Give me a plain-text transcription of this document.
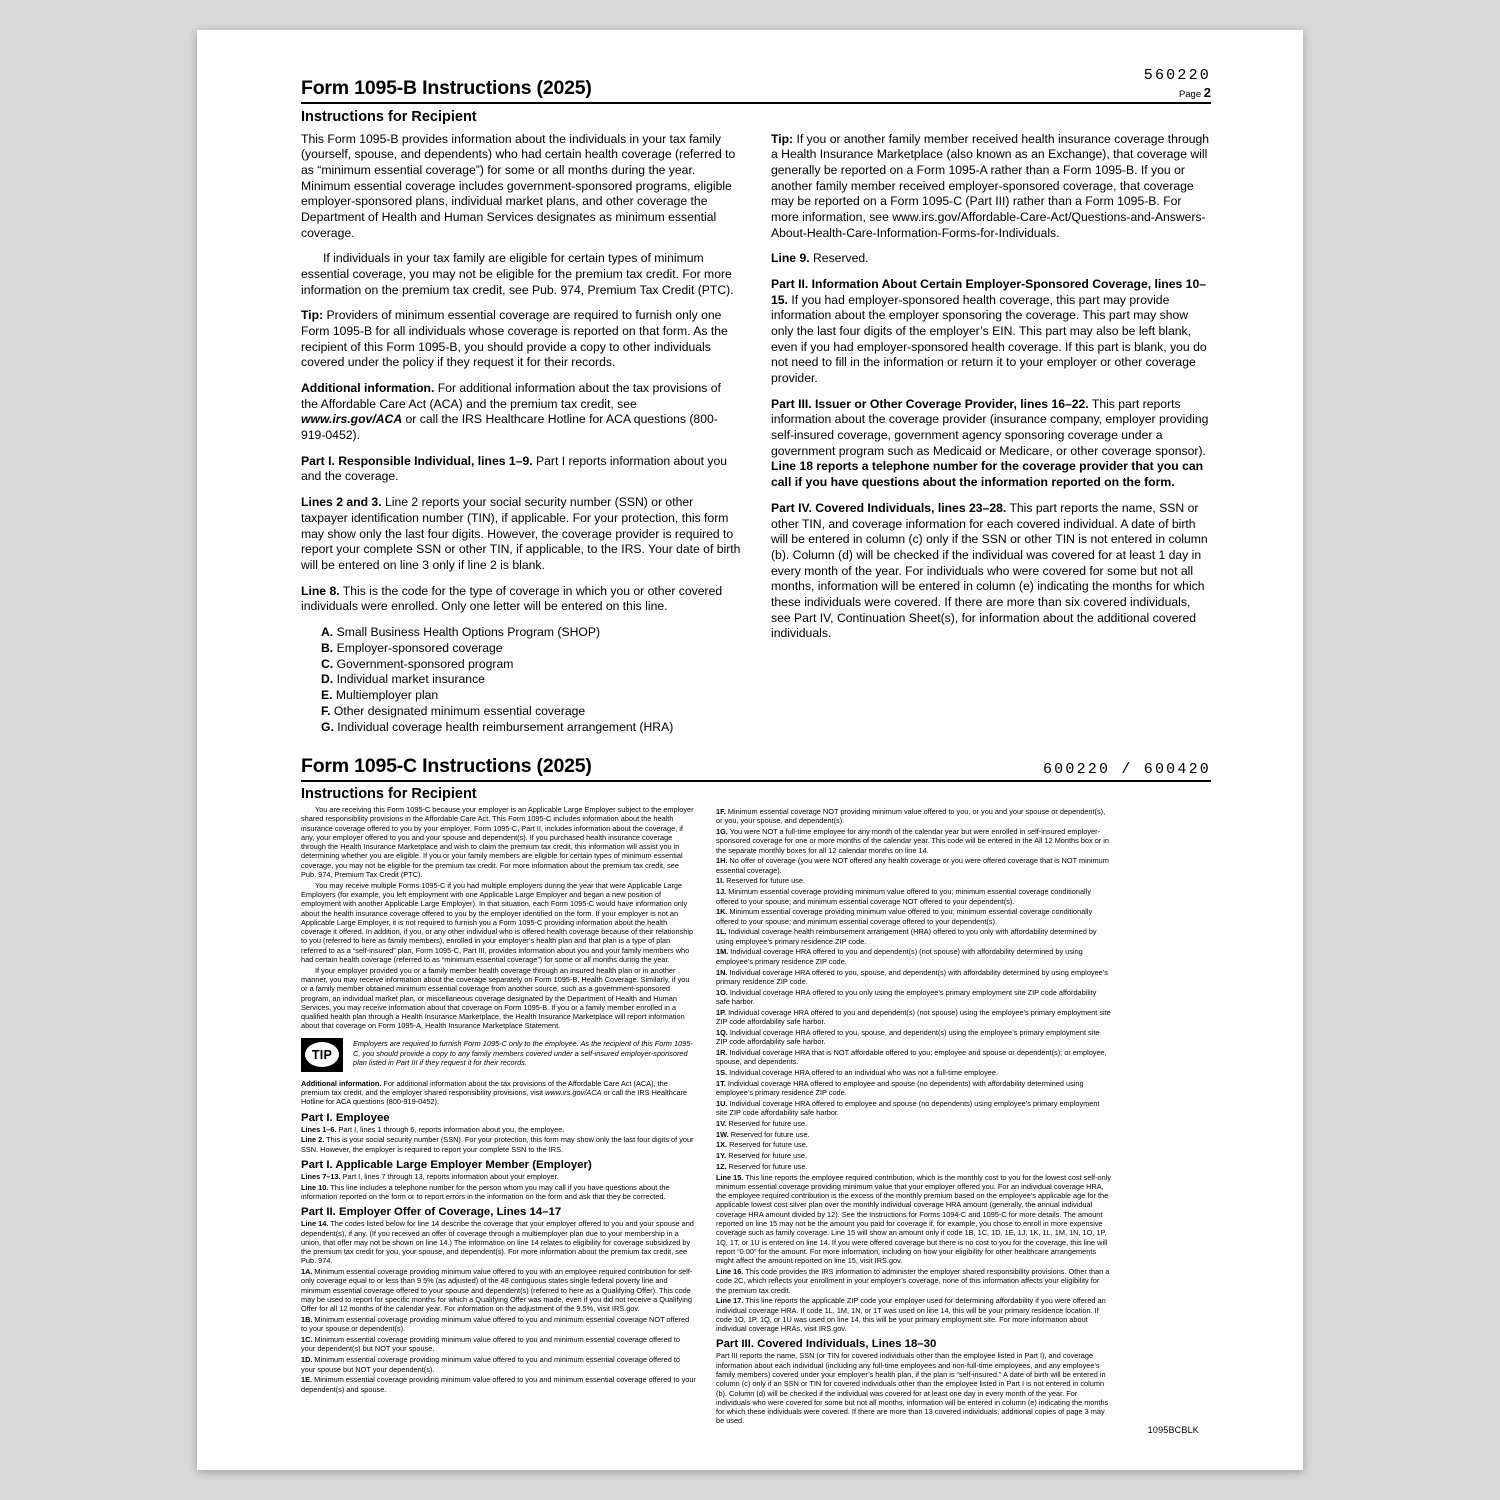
Form 1095-B Instructions (2025)
560220
Page 2
Instructions for Recipient

This Form 1095-B provides information about the individuals in your tax family (yourself, spouse, and dependents) who had certain health coverage (referred to as “minimum essential coverage”) for some or all months during the year. Minimum essential coverage includes government-sponsored programs, eligible employer-sponsored plans, individual market plans, and other coverage the Department of Health and Human Services designates as minimum essential coverage.

If individuals in your tax family are eligible for certain types of minimum essential coverage, you may not be eligible for the premium tax credit. For more information on the premium tax credit, see Pub. 974, Premium Tax Credit (PTC).

Tip: Providers of minimum essential coverage are required to furnish only one Form 1095-B for all individuals whose coverage is reported on that form. As the recipient of this Form 1095-B, you should provide a copy to other individuals covered under the policy if they request it for their records.

Additional information. For additional information about the tax provisions of the Affordable Care Act (ACA) and the premium tax credit, see www.irs.gov/ACA or call the IRS Healthcare Hotline for ACA questions (800-919-0452).

Part I. Responsible Individual, lines 1–9. Part I reports information about you and the coverage.

Lines 2 and 3. Line 2 reports your social security number (SSN) or other taxpayer identification number (TIN), if applicable. For your protection, this form may show only the last four digits. However, the coverage provider is required to report your complete SSN or other TIN, if applicable, to the IRS. Your date of birth will be entered on line 3 only if line 2 is blank.

Line 8. This is the code for the type of coverage in which you or other covered individuals were enrolled. Only one letter will be entered on this line.

A. Small Business Health Options Program (SHOP)
B. Employer-sponsored coverage
C. Government-sponsored program
D. Individual market insurance
E. Multiemployer plan
F. Other designated minimum essential coverage
G. Individual coverage health reimbursement arrangement (HRA)

Tip: If you or another family member received health insurance coverage through a Health Insurance Marketplace (also known as an Exchange), that coverage will generally be reported on a Form 1095-A rather than a Form 1095-B. If you or another family member received employer-sponsored coverage, that coverage may be reported on a Form 1095-C (Part III) rather than a Form 1095-B. For more information, see www.irs.gov/Affordable-Care-Act/Questions-and-Answers-About-Health-Care-Information-Forms-for-Individuals.

Line 9. Reserved.

Part II. Information About Certain Employer-Sponsored Coverage, lines 10–15. If you had employer-sponsored health coverage, this part may provide information about the employer sponsoring the coverage. This part may show only the last four digits of the employer’s EIN. This part may also be left blank, even if you had employer-sponsored health coverage. If this part is blank, you do not need to fill in the information or return it to your employer or other coverage provider.

Part III. Issuer or Other Coverage Provider, lines 16–22. This part reports information about the coverage provider (insurance company, employer providing self-insured coverage, government agency sponsoring coverage under a government program such as Medicaid or Medicare, or other coverage sponsor). Line 18 reports a telephone number for the coverage provider that you can call if you have questions about the information reported on the form.

Part IV. Covered Individuals, lines 23–28. This part reports the name, SSN or other TIN, and coverage information for each covered individual. A date of birth will be entered in column (c) only if the SSN or other TIN is not entered in column (b). Column (d) will be checked if the individual was covered for at least 1 day in every month of the year. For individuals who were covered for some but not all months, information will be entered in column (e) indicating the months for which these individuals were covered. If there are more than six covered individuals, see Part IV, Continuation Sheet(s), for information about the additional covered individuals.

Form 1095-C Instructions (2025)	600220 / 600420
Instructions for Recipient

You are receiving this Form 1095-C because your employer is an Applicable Large Employer subject to the employer shared responsibility provisions in the Affordable Care Act. This Form 1095-C includes information about the health insurance coverage offered to you by your employer. Form 1095-C, Part II, includes information about the coverage, if any, your employer offered to you and your spouse and dependent(s). If you purchased health insurance coverage through the Health Insurance Marketplace and wish to claim the premium tax credit, this information will assist you in determining whether you are eligible. If you or your family members are eligible for certain types of minimum essential coverage, you may not be eligible for the premium tax credit. For more information about the premium tax credit, see Pub. 974, Premium Tax Credit (PTC).

You may receive multiple Forms 1095-C if you had multiple employers during the year that were Applicable Large Employers (for example, you left employment with one Applicable Large Employer and began a new position of employment with another Applicable Large Employer). In that situation, each Form 1095-C would have information only about the health insurance coverage offered to you by the employer identified on the form. If your employer is not an Applicable Large Employer, it is not required to furnish you a Form 1095-C providing information about the health coverage it offered. In addition, if you, or any other individual who is offered health coverage because of their relationship to you (referred to here as family members), enrolled in your employer’s health plan and that plan is a type of plan referred to as a “self-insured” plan, Form 1095-C, Part III, provides information about you and your family members who had certain health coverage (referred to as “minimum essential coverage”) for some or all months during the year.

If your employer provided you or a family member health coverage through an insured health plan or in another manner, you may receive information about the coverage separately on Form 1095-B, Health Coverage. Similarly, if you or a family member obtained minimum essential coverage from another source, such as a government-sponsored program, an individual market plan, or miscellaneous coverage designated by the Department of Health and Human Services, you may receive information about that coverage on Form 1095-B. If you or a family member enrolled in a qualified health plan through a Health Insurance Marketplace, the Health Insurance Marketplace will report information about that coverage on Form 1095-A, Health Insurance Marketplace Statement.

TIP
Employers are required to furnish Form 1095-C only to the employee. As the recipient of this Form 1095-C, you should provide a copy to any family members covered under a self-insured employer-sponsored plan listed in Part III if they request it for their records.

Additional information. For additional information about the tax provisions of the Affordable Care Act (ACA), the premium tax credit, and the employer shared responsibility provisions, visit www.irs.gov/ACA or call the IRS Healthcare Hotline for ACA questions (800-919-0452).

Part I. Employee

Lines 1–6. Part I, lines 1 through 6, reports information about you, the employee.

Line 2. This is your social security number (SSN). For your protection, this form may show only the last four digits of your SSN. However, the employer is required to report your complete SSN to the IRS.

Part I. Applicable Large Employer Member (Employer)

Lines 7–13. Part I, lines 7 through 13, reports information about your employer.

Line 10. This line includes a telephone number for the person whom you may call if you have questions about the information reported on the form or to report errors in the information on the form and ask that they be corrected.

Part II. Employer Offer of Coverage, Lines 14–17

Line 14. The codes listed below for line 14 describe the coverage that your employer offered to you and your spouse and dependent(s), if any. (If you received an offer of coverage through a multiemployer plan due to your membership in a union, that offer may not be shown on line 14.) The information on line 14 relates to eligibility for coverage subsidized by the premium tax credit for you, your spouse, and dependent(s). For more information about the premium tax credit, see Pub. 974.

1A. Minimum essential coverage providing minimum value offered to you with an employee required contribution for self-only coverage equal to or less than 9.5% (as adjusted) of the 48 contiguous states single federal poverty line and minimum essential coverage offered to your spouse and dependent(s) (referred to here as a Qualifying Offer). This code may be used to report for specific months for which a Qualifying Offer was made, even if you did not receive a Qualifying Offer for all 12 months of the calendar year. For information on the adjustment of the 9.5%, visit IRS.gov.

1B. Minimum essential coverage providing minimum value offered to you and minimum essential coverage NOT offered to your spouse or dependent(s).

1C. Minimum essential coverage providing minimum value offered to you and minimum essential coverage offered to your dependent(s) but NOT your spouse.

1D. Minimum essential coverage providing minimum value offered to you and minimum essential coverage offered to your spouse but NOT your dependent(s).

1E. Minimum essential coverage providing minimum value offered to you and minimum essential coverage offered to your dependent(s) and spouse.

1F. Minimum essential coverage NOT providing minimum value offered to you, or you and your spouse or dependent(s), or you, your spouse, and dependent(s).

1G. You were NOT a full-time employee for any month of the calendar year but were enrolled in self-insured employer-sponsored coverage for one or more months of the calendar year. This code will be entered in the All 12 Months box or in the separate monthly boxes for all 12 calendar months on line 14.

1H. No offer of coverage (you were NOT offered any health coverage or you were offered coverage that is NOT minimum essential coverage).

1I. Reserved for future use.

1J. Minimum essential coverage providing minimum value offered to you; minimum essential coverage conditionally offered to your spouse; and minimum essential coverage NOT offered to your dependent(s).

1K. Minimum essential coverage providing minimum value offered to you; minimum essential coverage conditionally offered to your spouse; and minimum essential coverage offered to your dependent(s).

1L. Individual coverage health reimbursement arrangement (HRA) offered to you only with affordability determined by using employee’s primary residence ZIP code.

1M. Individual coverage HRA offered to you and dependent(s) (not spouse) with affordability determined by using employee’s primary residence ZIP code.

1N. Individual coverage HRA offered to you, spouse, and dependent(s) with affordability determined by using employee’s primary residence ZIP code.

1O. Individual coverage HRA offered to you only using the employee’s primary employment site ZIP code affordability safe harbor.

1P. Individual coverage HRA offered to you and dependent(s) (not spouse) using the employee’s primary employment site ZIP code affordability safe harbor.

1Q. Individual coverage HRA offered to you, spouse, and dependent(s) using the employee’s primary employment site ZIP code affordability safe harbor.

1R. Individual coverage HRA that is NOT affordable offered to you; employee and spouse or dependent(s); or employee, spouse, and dependents.

1S. Individual coverage HRA offered to an individual who was not a full-time employee.

1T. Individual coverage HRA offered to employee and spouse (no dependents) with affordability determined using employee’s primary residence ZIP code.

1U. Individual coverage HRA offered to employee and spouse (no dependents) using employee’s primary employment site ZIP code affordability safe harbor.

1V. Reserved for future use.

1W. Reserved for future use.

1X. Reserved for future use.

1Y. Reserved for future use.

1Z. Reserved for future use.

Line 15. This line reports the employee required contribution, which is the monthly cost to you for the lowest cost self-only minimum essential coverage providing minimum value that your employer offered you. For an individual coverage HRA, the employee required contribution is the excess of the monthly premium based on the employee’s applicable age for the applicable lowest cost silver plan over the monthly individual coverage HRA amount (generally, the annual individual coverage HRA amount divided by 12). See the Instructions for Forms 1094-C and 1095-C for more details. The amount reported on line 15 may not be the amount you paid for coverage if, for example, you chose to enroll in more expensive coverage such as family coverage. Line 15 will show an amount only if code 1B, 1C, 1D, 1E, 1J, 1K, 1L, 1M, 1N, 1O, 1P, 1Q, 1T, or 1U is entered on line 14. If you were offered coverage but there is no cost to you for the coverage, this line will report “0.00” for the amount. For more information, including on how your eligibility for other healthcare arrangements might affect the amount reported on line 15, visit IRS.gov.

Line 16. This code provides the IRS information to administer the employer shared responsibility provisions. Other than a code 2C, which reflects your enrollment in your employer’s coverage, none of this information affects your eligibility for the premium tax credit.

Line 17. This line reports the applicable ZIP code your employer used for determining affordability if you were offered an individual coverage HRA. If code 1L, 1M, 1N, or 1T was used on line 14, this will be your primary residence location. If code 1O, 1P, 1Q, or 1U was used on line 14, this will be your primary employment site. For more information about individual coverage HRAs, visit IRS.gov.

Part III. Covered Individuals, Lines 18–30

Part III reports the name, SSN (or TIN for covered individuals other than the employee listed in Part I), and coverage information about each individual (including any full-time employees and non-full-time employees, and any employee’s family members) covered under your employer’s health plan, if the plan is “self-insured.” A date of birth will be entered in column (c) only if an SSN or TIN for covered individuals other than the employee listed in Part I is not entered in column (b). Column (d) will be checked if the individual was covered for at least one day in every month of the year. For individuals who were covered for some but not all months, information will be entered in column (e) indicating the months for which these individuals were covered. If there are more than 13 covered individuals, additional copies of page 3 may be used.

1095BCBLK
